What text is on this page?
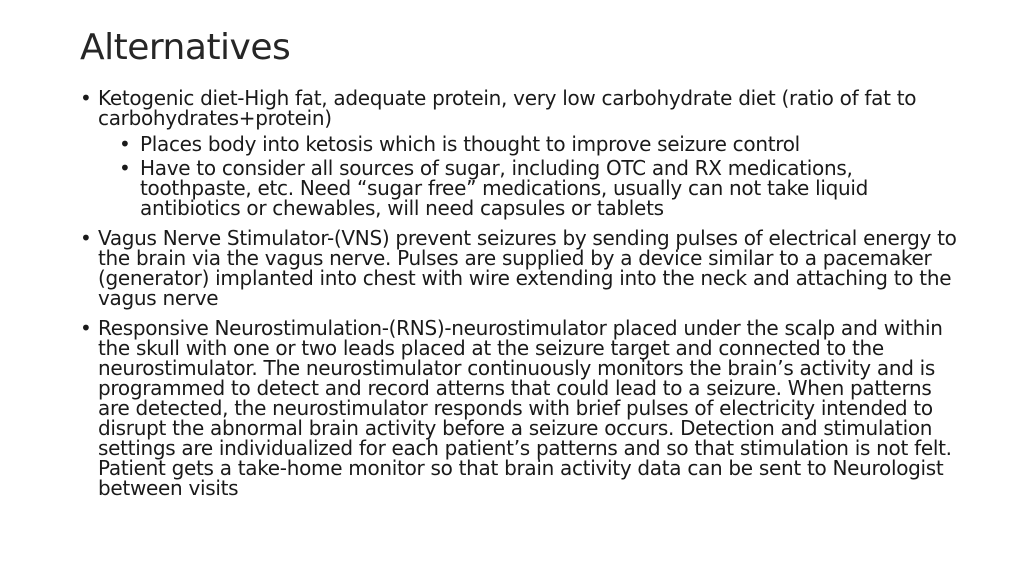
Alternatives
• Ketogenic diet-High fat, adequate protein, very low carbohydrate diet (ratio of fat to carbohydrates+protein)
• Places body into ketosis which is thought to improve seizure control
• Have to consider all sources of sugar, including OTC and RX medications, toothpaste, etc. Need “sugar free” medications, usually can not take liquid antibiotics or chewables, will need capsules or tablets
• Vagus Nerve Stimulator-(VNS) prevent seizures by sending pulses of electrical energy to the brain via the vagus nerve. Pulses are supplied by a device similar to a pacemaker (generator) implanted into chest with wire extending into the neck and attaching to the vagus nerve
• Responsive Neurostimulation-(RNS)-neurostimulator placed under the scalp and within the skull with one or two leads placed at the seizure target and connected to the neurostimulator. The neurostimulator continuously monitors the brain’s activity and is programmed to detect and record atterns that could lead to a seizure. When patterns are detected, the neurostimulator responds with brief pulses of electricity intended to disrupt the abnormal brain activity before a seizure occurs. Detection and stimulation settings are individualized for each patient’s patterns and so that stimulation is not felt. Patient gets a take-home monitor so that brain activity data can be sent to Neurologist between visits
